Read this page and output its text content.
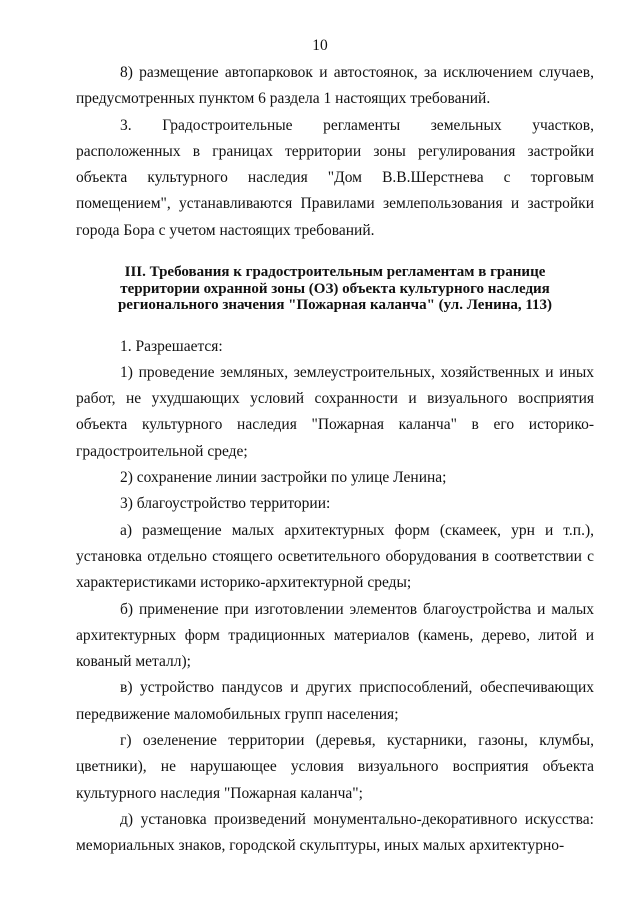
10

8) размещение автопарковок и автостоянок, за исключением случаев, предусмотренных пунктом 6 раздела 1 настоящих требований.

3. Градостроительные регламенты земельных участков, расположенных в границах территории зоны регулирования застройки объекта культурного наследия "Дом В.В.Шерстнева с торговым помещением", устанавливаются Правилами землепользования и застройки города Бора с учетом настоящих требований.

III. Требования к градостроительным регламентам в границе территории охранной зоны (ОЗ) объекта культурного наследия регионального значения "Пожарная каланча" (ул. Ленина, 113)

1. Разрешается:

1) проведение земляных, землеустроительных, хозяйственных и иных работ, не ухудшающих условий сохранности и визуального восприятия объекта культурного наследия "Пожарная каланча" в его историко-градостроительной среде;

2) сохранение линии застройки по улице Ленина;

3) благоустройство территории:

а) размещение малых архитектурных форм (скамеек, урн и т.п.), установка отдельно стоящего осветительного оборудования в соответствии с характеристиками историко-архитектурной среды;

б) применение при изготовлении элементов благоустройства и малых архитектурных форм традиционных материалов (камень, дерево, литой и кованый металл);

в) устройство пандусов и других приспособлений, обеспечивающих передвижение маломобильных групп населения;

г) озеленение территории (деревья, кустарники, газоны, клумбы, цветники), не нарушающее условия визуального восприятия объекта культурного наследия "Пожарная каланча";

д) установка произведений монументально-декоративного искусства: мемориальных знаков, городской скульптуры, иных малых архитектурно-
